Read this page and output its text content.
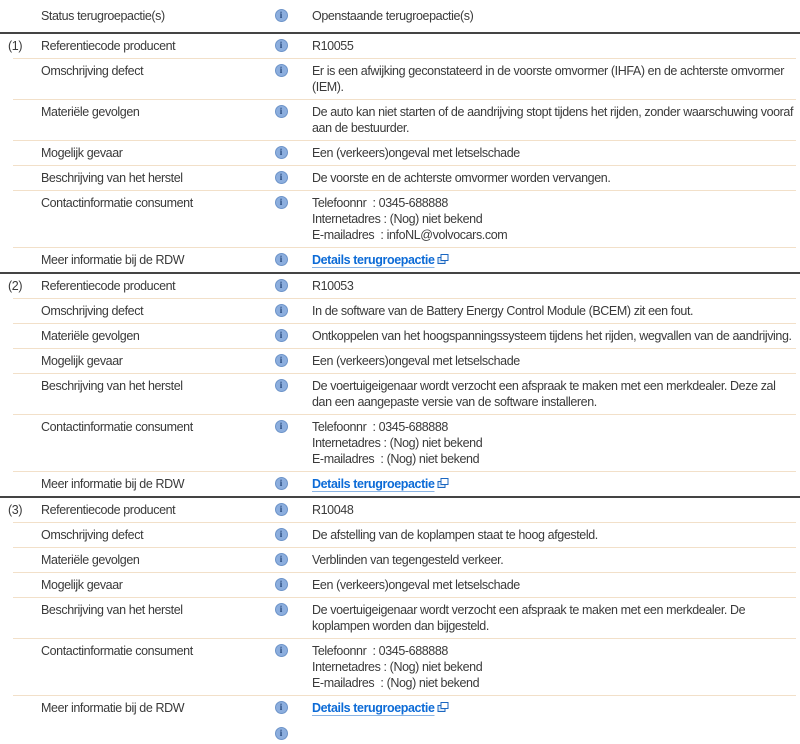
Status terugroepactie(s)	i	Openstaande terugroepactie(s)
(1)	Referentiecode producent	i	R10055
Omschrijving defect	i	Er is een afwijking geconstateerd in de voorste omvormer (IHFA) en de achterste omvormer (IEM).
Materiële gevolgen	i	De auto kan niet starten of de aandrijving stopt tijdens het rijden, zonder waarschuwing vooraf aan de bestuurder.
Mogelijk gevaar	i	Een (verkeers)ongeval met letselschade
Beschrijving van het herstel	i	De voorste en de achterste omvormer worden vervangen.
Contactinformatie consument	i	Telefoonnr  : 0345-688888
Internetadres : (Nog) niet bekend
E-mailadres  : infoNL@volvocars.com
Meer informatie bij de RDW	i	Details terugroepactie
(2)	Referentiecode producent	i	R10053
Omschrijving defect	i	In de software van de Battery Energy Control Module (BCEM) zit een fout.
Materiële gevolgen	i	Ontkoppelen van het hoogspanningssysteem tijdens het rijden, wegvallen van de aandrijving.
Mogelijk gevaar	i	Een (verkeers)ongeval met letselschade
Beschrijving van het herstel	i	De voertuigeigenaar wordt verzocht een afspraak te maken met een merkdealer. Deze zal dan een aangepaste versie van de software installeren.
Contactinformatie consument	i	Telefoonnr  : 0345-688888
Internetadres : (Nog) niet bekend
E-mailadres  : (Nog) niet bekend
Meer informatie bij de RDW	i	Details terugroepactie
(3)	Referentiecode producent	i	R10048
Omschrijving defect	i	De afstelling van de koplampen staat te hoog afgesteld.
Materiële gevolgen	i	Verblinden van tegengesteld verkeer.
Mogelijk gevaar	i	Een (verkeers)ongeval met letselschade
Beschrijving van het herstel	i	De voertuigeigenaar wordt verzocht een afspraak te maken met een merkdealer. De koplampen worden dan bijgesteld.
Contactinformatie consument	i	Telefoonnr  : 0345-688888
Internetadres : (Nog) niet bekend
E-mailadres  : (Nog) niet bekend
Meer informatie bij de RDW	i	Details terugroepactie
i
